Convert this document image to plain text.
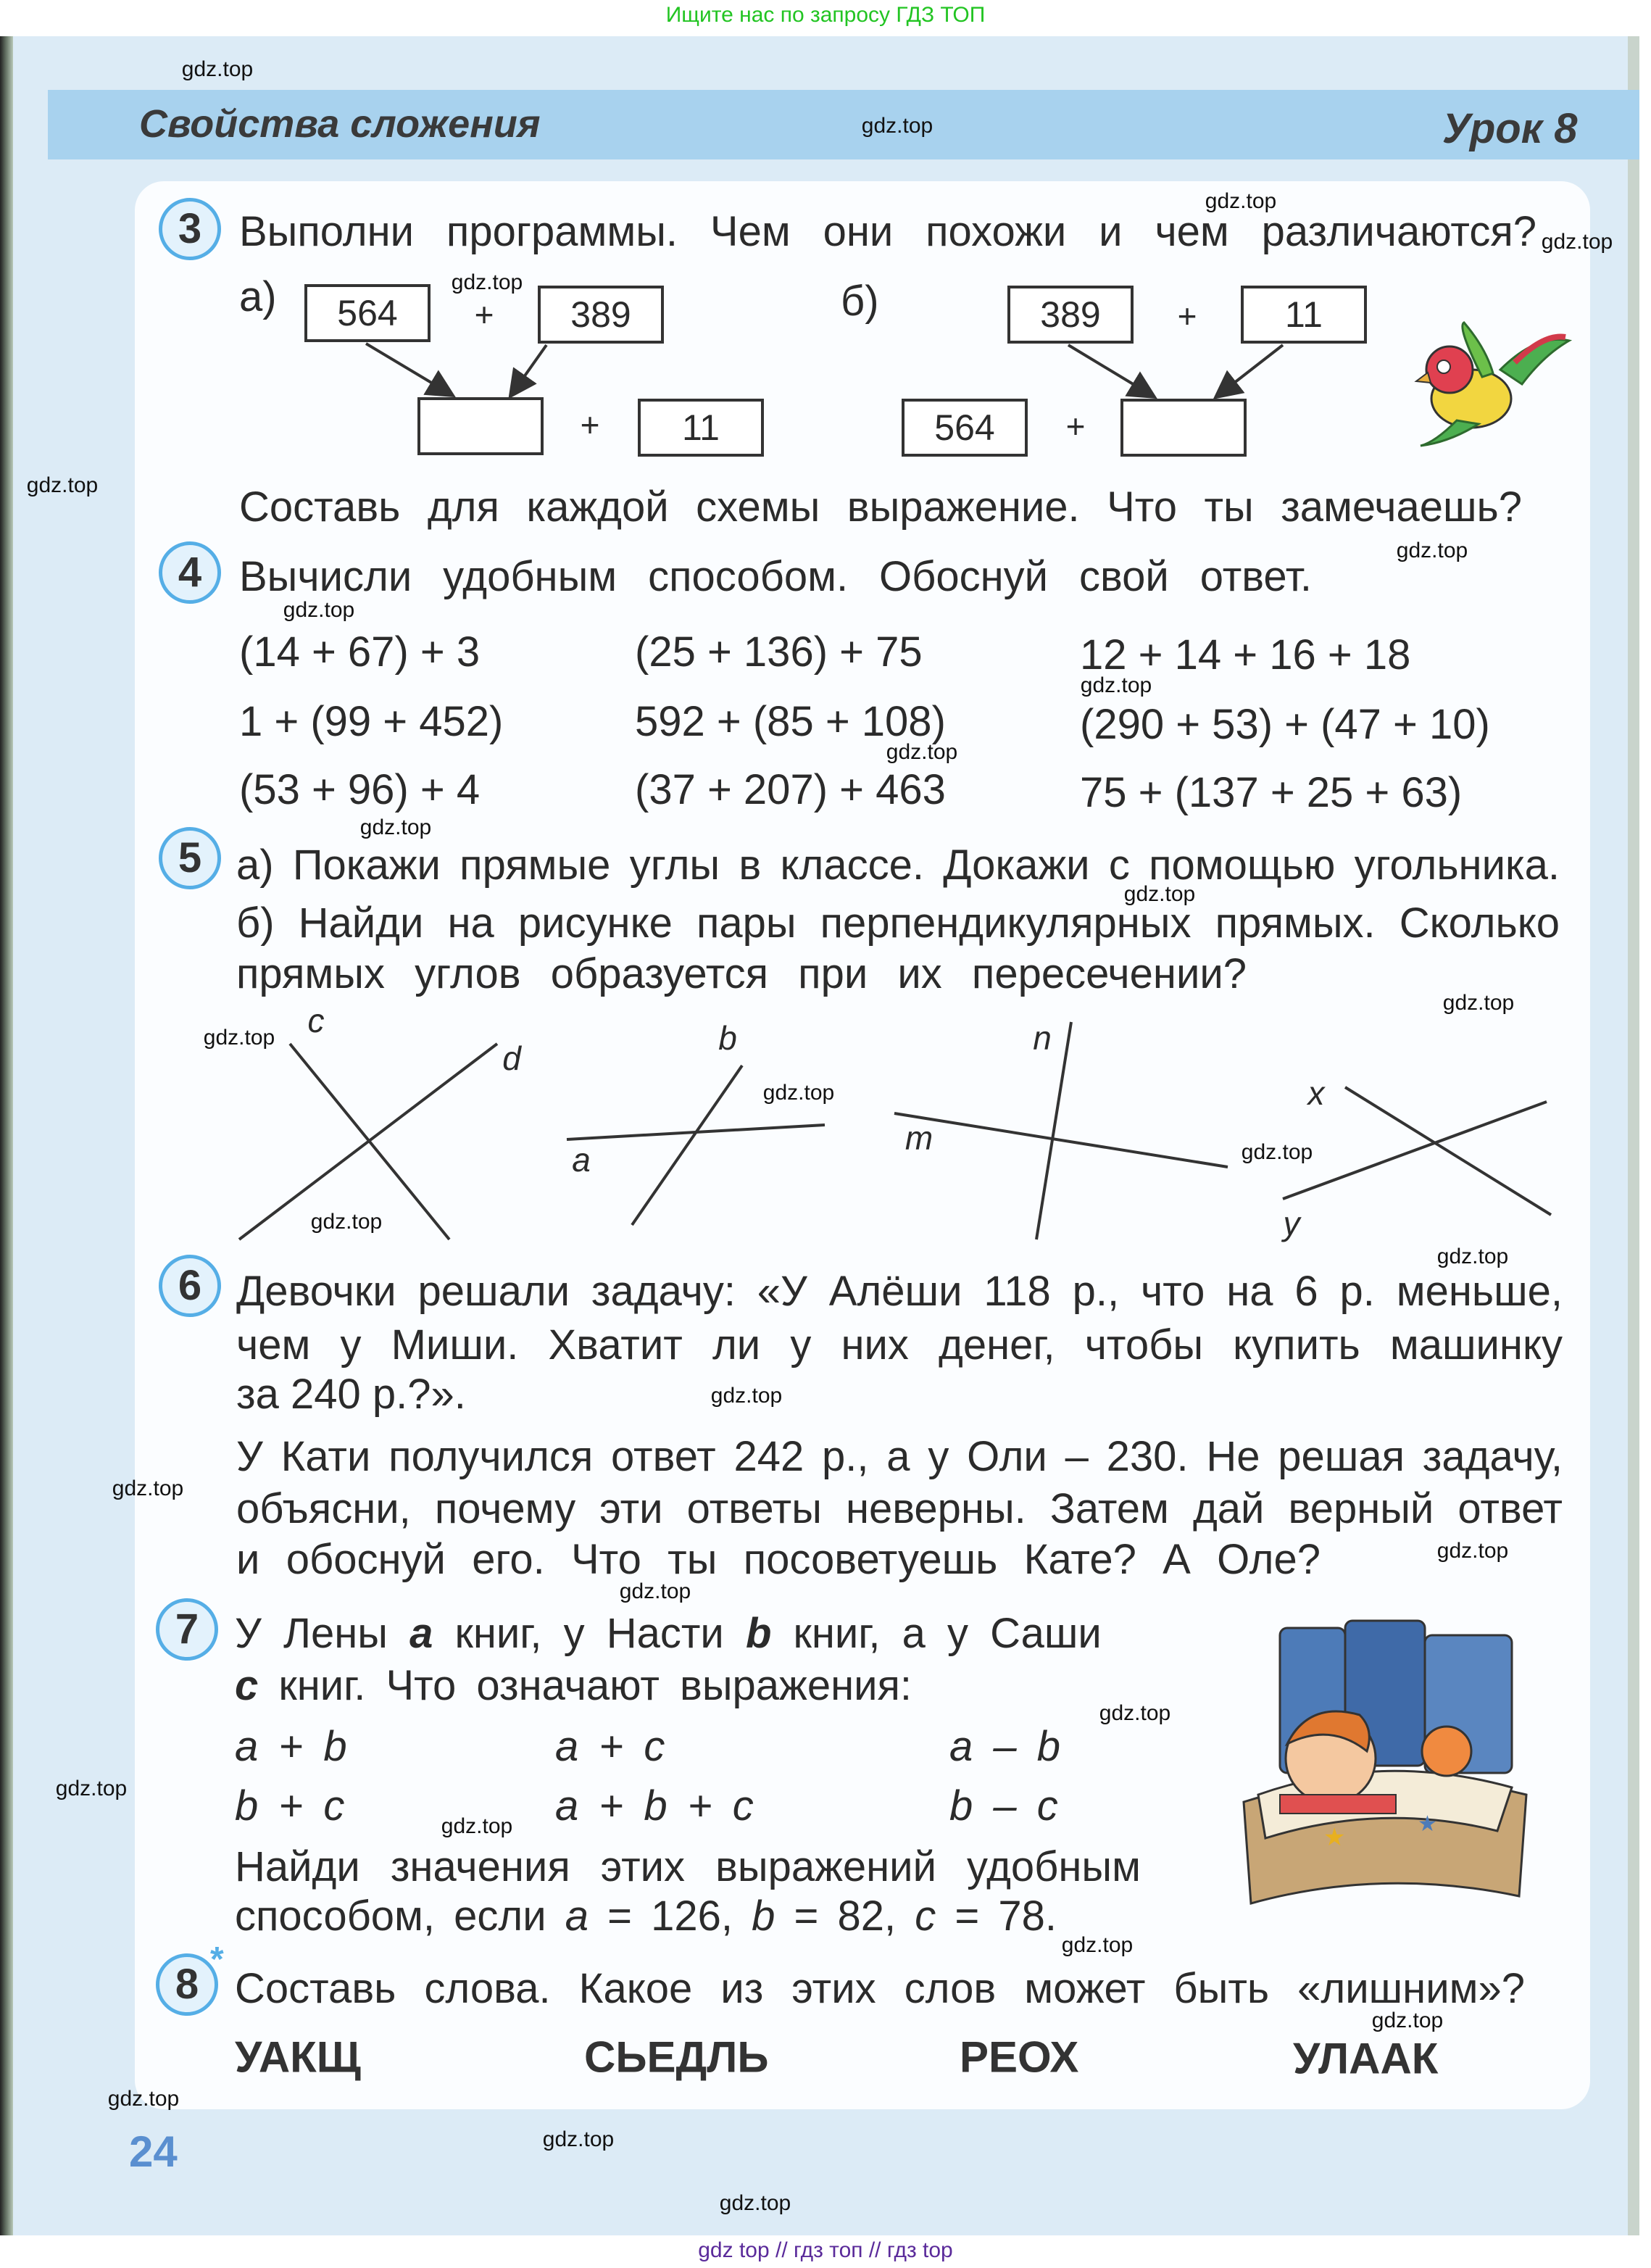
Ищите нас по запросу ГДЗ ТОП
Свойства сложения	Урок 8
3 Выполни программы. Чем они похожи и чем различаются?
а)	б)
564	+	389
+	11
389	+	11
564	+
Составь для каждой схемы выражение. Что ты замечаешь?
4 Вычисли удобным способом. Обоснуй свой ответ.
(14 + 67) + 3	(25 + 136) + 75	12 + 14 + 16 + 18
1 + (99 + 452)	592 + (85 + 108)	(290 + 53) + (47 + 10)
(53 + 96) + 4	(37 + 207) + 463	75 + (137 + 25 + 63)
5 а) Покажи прямые углы в классе. Докажи с помощью угольника.
б) Найди на рисунке пары перпендикулярных прямых. Сколько
прямых углов образуется при их пересечении?
c
d
b
a
n
m
x
y
6 Девочки решали задачу: «У Алёши 118 р., что на 6 р. меньше,
чем у Миши. Хватит ли у них денег, чтобы купить машинку
за 240 р.?».
У Кати получился ответ 242 р., а у Оли – 230. Не решая задачу,
объясни, почему эти ответы неверны. Затем дай верный ответ
и обоснуй его. Что ты посоветуешь Кате? А Оле?
7 У Лены a книг, у Насти b книг, а у Саши
c книг. Что означают выражения:
a + b	a + c	a – b
b + c	a + b + c	b – c
Найди значения этих выражений удобным
способом, если a = 126, b = 82, c = 78.
★	★
8
*
Составь слова. Какое из этих слов может быть «лишним»?
УАКЩ	СЬЕДЛЬ	РЕОХ	УЛААК
24
gdz top // гдз топ // гдз top
gdz.top
gdz.top
gdz.top
gdz.top
gdz.top
gdz.top
gdz.top
gdz.top
gdz.top
gdz.top
gdz.top
gdz.top
gdz.top
gdz.top
gdz.top
gdz.top
gdz.top
gdz.top
gdz.top
gdz.top
gdz.top
gdz.top
gdz.top
gdz.top
gdz.top
gdz.top
gdz.top
gdz.top
gdz.top
gdz.top
